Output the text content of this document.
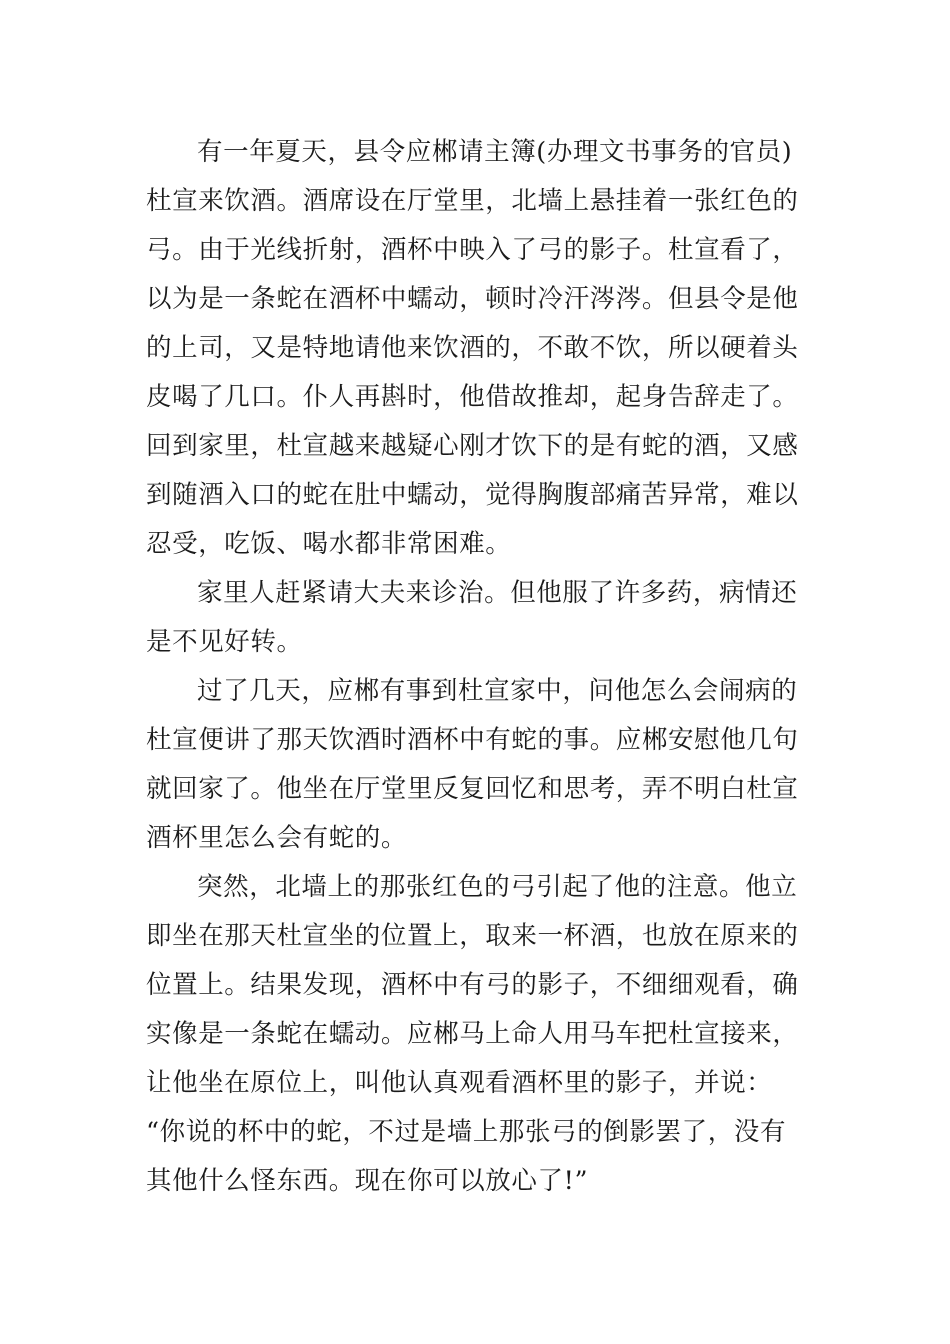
有一年夏天，县令应郴请主簿(办理文书事务的官员)
杜宣来饮酒。酒席设在厅堂里，北墙上悬挂着一张红色的
弓。由于光线折射，酒杯中映入了弓的影子。杜宣看了，
以为是一条蛇在酒杯中蠕动，顿时冷汗涔涔。但县令是他
的上司，又是特地请他来饮酒的，不敢不饮，所以硬着头
皮喝了几口。仆人再斟时，他借故推却，起身告辞走了。
回到家里，杜宣越来越疑心刚才饮下的是有蛇的酒，又感
到随酒入口的蛇在肚中蠕动，觉得胸腹部痛苦异常，难以
忍受，吃饭、喝水都非常困难。
家里人赶紧请大夫来诊治。但他服了许多药，病情还
是不见好转。
过了几天，应郴有事到杜宣家中，问他怎么会闹病的
杜宣便讲了那天饮酒时酒杯中有蛇的事。应郴安慰他几句
就回家了。他坐在厅堂里反复回忆和思考，弄不明白杜宣
酒杯里怎么会有蛇的。
突然，北墙上的那张红色的弓引起了他的注意。他立
即坐在那天杜宣坐的位置上，取来一杯酒，也放在原来的
位置上。结果发现，酒杯中有弓的影子，不细细观看，确
实像是一条蛇在蠕动。应郴马上命人用马车把杜宣接来，
让他坐在原位上，叫他认真观看酒杯里的影子，并说：
“你说的杯中的蛇，不过是墙上那张弓的倒影罢了，没有
其他什么怪东西。现在你可以放心了!”
